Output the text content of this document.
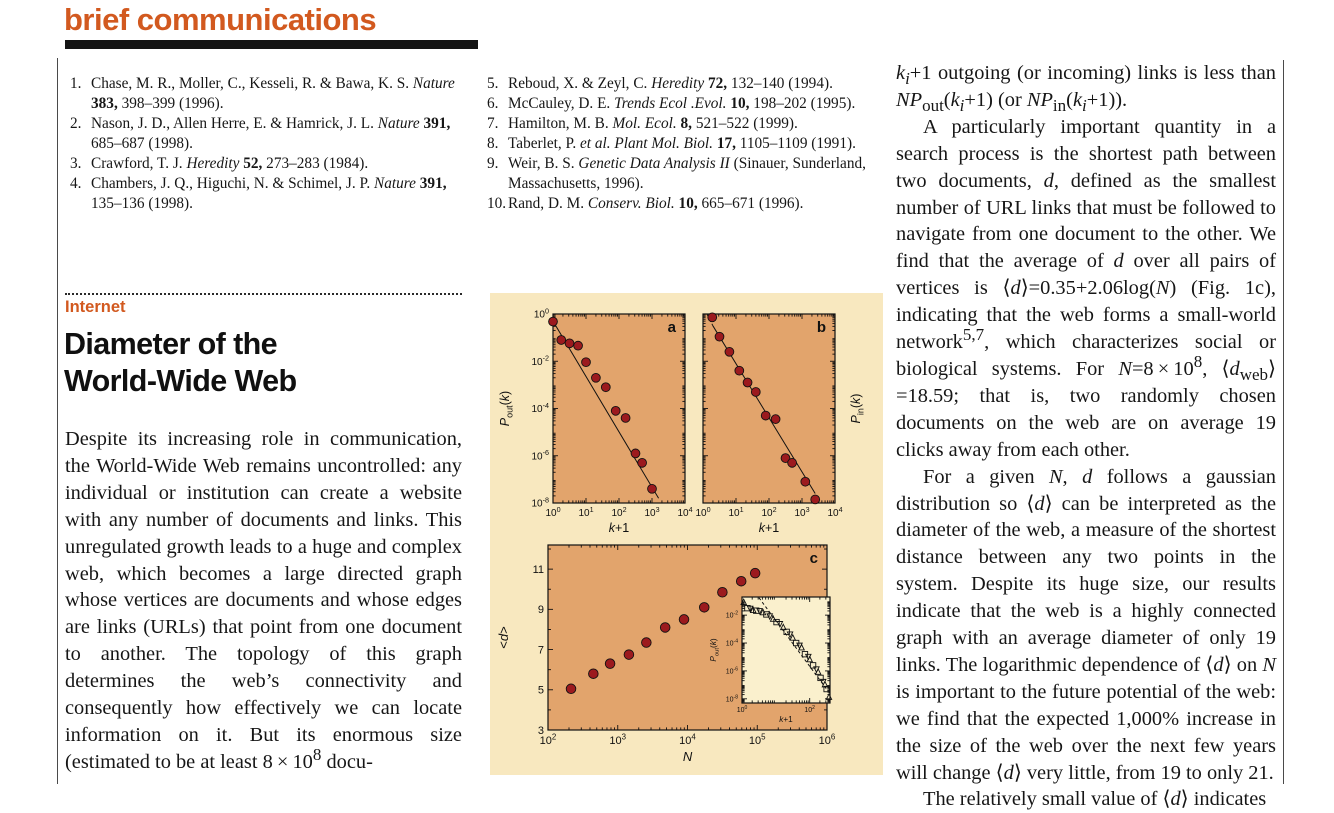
brief communications
1. Chase, M. R., Moller, C., Kesseli, R. & Bawa, K. S. Nature 383, 398–399 (1996).
2. Nason, J. D., Allen Herre, E. & Hamrick, J. L. Nature 391, 685–687 (1998).
3. Crawford, T. J. Heredity 52, 273–283 (1984).
4. Chambers, J. Q., Higuchi, N. & Schimel, J. P. Nature 391, 135–136 (1998).
5. Reboud, X. & Zeyl, C. Heredity 72, 132–140 (1994).
6. McCauley, D. E. Trends Ecol .Evol. 10, 198–202 (1995).
7. Hamilton, M. B. Mol. Ecol. 8, 521–522 (1999).
8. Taberlet, P. et al. Plant Mol. Biol. 17, 1105–1109 (1991).
9. Weir, B. S. Genetic Data Analysis II (Sinauer, Sunderland, Massachusetts, 1996).
10. Rand, D. M. Conserv. Biol. 10, 665–671 (1996).
Internet
Diameter of the
World-Wide Web
Despite its increasing role in communication, the World-Wide Web remains uncontrolled: any individual or institution can create a website with any number of documents and links. This unregulated growth leads to a huge and complex web, which becomes a large directed graph whose vertices are documents and whose edges are links (URLs) that point from one document to another. The topology of this graph determines the web’s connectivity and consequently how effectively we can locate information on it. But its enormous size (estimated to be at least $8 \times 10^8$ docu-
$10^0$ $10^1$ $10^2$ $10^3$ $10^4$
$10^0$
$10^{-2}$
$10^{-4}$
$10^{-6}$
$10^{-8}$
k+1
$P_{out}(k)$
a
$10^0$ $10^1$ $10^2$ $10^3$ $10^4$
k+1
$P_{in}(k)$
b
$10^2$	$10^3$	$10^4$	$10^5$	$10^6$
3
5
7
9
11
N
<d>
c
$10^0$	$10^2$
$10^{-2}$
$10^{-4}$
$10^{-6}$
$10^{-8}$
k+1
$P_{out}(k)$

$k_i+1$ outgoing (or incoming) links is less than $NP_{out}(k_i+1)$ (or $NP_{in}(k_i+1)$).

A particularly important quantity in a search process is the shortest path between two documents, d, defined as the smallest number of URL links that must be followed to navigate from one document to the other. We find that the average of d over all pairs of vertices is ⟨d⟩=0.35+2.06log(N) (Fig. 1c), indicating that the web forms a small-world network$^{5,7}$, which characterizes social or biological systems. For $N=8 \times 10^8$, $⟨d_{web}⟩=18.59$; that is, two randomly chosen documents on the web are on average 19 clicks away from each other.

For a given N, d follows a gaussian distribution so ⟨d⟩ can be interpreted as the diameter of the web, a measure of the shortest distance between any two points in the system. Despite its huge size, our results indicate that the web is a highly connected graph with an average diameter of only 19 links. The logarithmic dependence of ⟨d⟩ on N is important to the future potential of the web: we find that the expected 1,000% increase in the size of the web over the next few years will change ⟨d⟩ very little, from 19 to only 21.

The relatively small value of ⟨d⟩ indicates
